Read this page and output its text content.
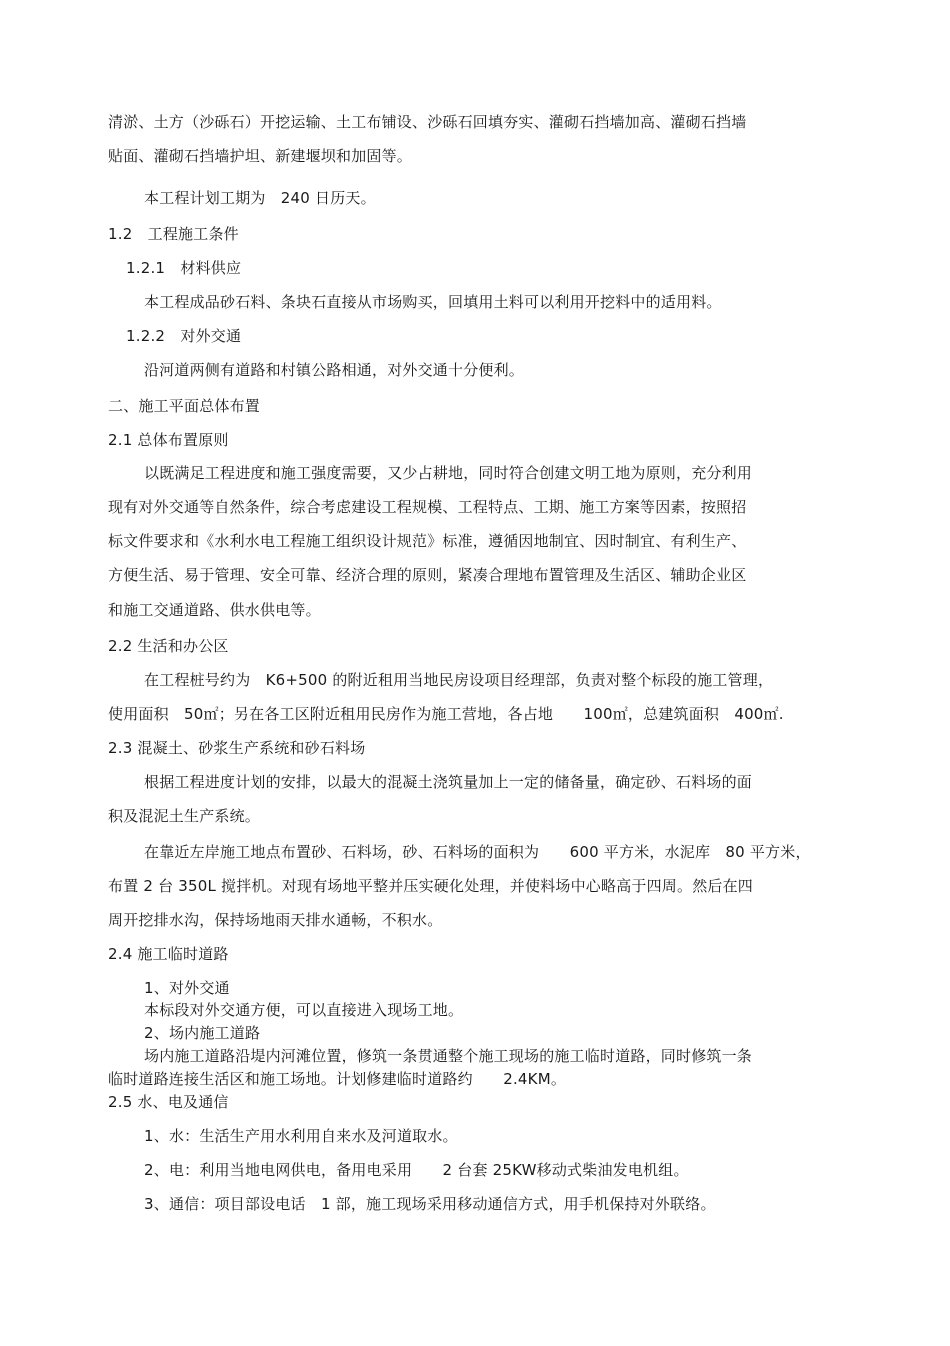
清淤、土方（沙砾石）开挖运输、土工布铺设、沙砾石回填夯实、灌砌石挡墙加高、灌砌石挡墙
贴面、灌砌石挡墙护坦、新建堰坝和加固等。
本工程计划工期为　240 日历天。
1.2　工程施工条件
1.2.1　材料供应
本工程成品砂石料、条块石直接从市场购买，回填用土料可以利用开挖料中的适用料。
1.2.2　对外交通
沿河道两侧有道路和村镇公路相通，对外交通十分便利。
二、施工平面总体布置
2.1 总体布置原则
以既满足工程进度和施工强度需要，又少占耕地，同时符合创建文明工地为原则，充分利用
现有对外交通等自然条件，综合考虑建设工程规模、工程特点、工期、施工方案等因素，按照招
标文件要求和《水利水电工程施工组织设计规范》标准，遵循因地制宜、因时制宜、有利生产、
方便生活、易于管理、安全可靠、经济合理的原则，紧凑合理地布置管理及生活区、辅助企业区
和施工交通道路、供水供电等。
2.2 生活和办公区
在工程桩号约为　K6+500 的附近租用当地民房设项目经理部，负责对整个标段的施工管理，
使用面积　50㎡；另在各工区附近租用民房作为施工营地，各占地　　100㎡，总建筑面积　400㎡.
2.3 混凝土、砂浆生产系统和砂石料场
根据工程进度计划的安排，以最大的混凝土浇筑量加上一定的储备量，确定砂、石料场的面
积及混泥土生产系统。
在靠近左岸施工地点布置砂、石料场，砂、石料场的面积为　　600 平方米，水泥库　80 平方米，
布置 2 台 350L 搅拌机。对现有场地平整并压实硬化处理，并使料场中心略高于四周。然后在四
周开挖排水沟，保持场地雨天排水通畅，不积水。
2.4 施工临时道路
1、对外交通
本标段对外交通方便，可以直接进入现场工地。
2、场内施工道路
场内施工道路沿堤内河滩位置，修筑一条贯通整个施工现场的施工临时道路，同时修筑一条
临时道路连接生活区和施工场地。计划修建临时道路约　　2.4KM。
2.5 水、电及通信
1、水：生活生产用水利用自来水及河道取水。
2、电：利用当地电网供电，备用电采用　　2 台套 25KW移动式柴油发电机组。
3、通信：项目部设电话　1 部，施工现场采用移动通信方式，用手机保持对外联络。
